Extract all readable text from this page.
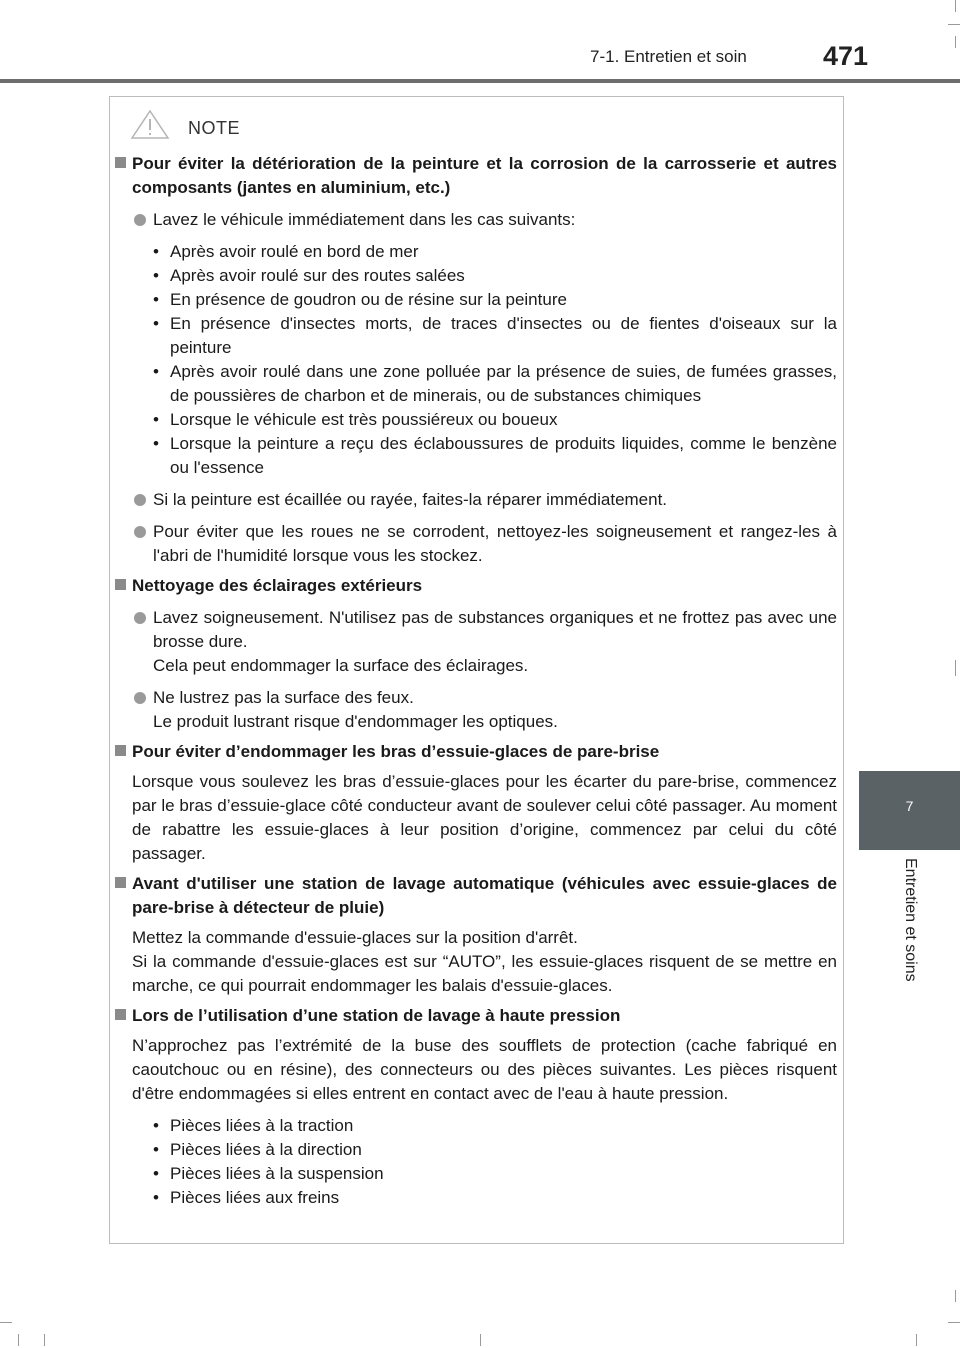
7-1. Entretien et soin	471
7
Entretien et soins
NOTE
Pour éviter la détérioration de la peinture et la corrosion de la carrosserie et autres composants (jantes en aluminium, etc.)
Lavez le véhicule immédiatement dans les cas suivants:
• Après avoir roulé en bord de mer
• Après avoir roulé sur des routes salées
• En présence de goudron ou de résine sur la peinture
• En présence d'insectes morts, de traces d'insectes ou de fientes d'oiseaux sur la peinture
• Après avoir roulé dans une zone polluée par la présence de suies, de fumées grasses, de poussières de charbon et de minerais, ou de substances chimiques
• Lorsque le véhicule est très poussiéreux ou boueux
• Lorsque la peinture a reçu des éclaboussures de produits liquides, comme le benzène ou l'essence
Si la peinture est écaillée ou rayée, faites-la réparer immédiatement.
Pour éviter que les roues ne se corrodent, nettoyez-les soigneusement et rangez-les à l'abri de l'humidité lorsque vous les stockez.
Nettoyage des éclairages extérieurs
Lavez soigneusement. N'utilisez pas de substances organiques et ne frottez pas avec une brosse dure.
Cela peut endommager la surface des éclairages.
Ne lustrez pas la surface des feux.
Le produit lustrant risque d'endommager les optiques.
Pour éviter d’endommager les bras d’essuie-glaces de pare-brise
Lorsque vous soulevez les bras d’essuie-glaces pour les écarter du pare-brise, commencez par le bras d’essuie-glace côté conducteur avant de soulever celui côté passager. Au moment de rabattre les essuie-glaces à leur position d’origine, commencez par celui du côté passager.
Avant d'utiliser une station de lavage automatique (véhicules avec essuie-glaces de pare-brise à détecteur de pluie)
Mettez la commande d'essuie-glaces sur la position d'arrêt.
Si la commande d'essuie-glaces est sur “AUTO”, les essuie-glaces risquent de se mettre en marche, ce qui pourrait endommager les balais d'essuie-glaces.
Lors de l’utilisation d’une station de lavage à haute pression
N’approchez pas l’extrémité de la buse des soufflets de protection (cache fabriqué en caoutchouc ou en résine), des connecteurs ou des pièces suivantes. Les pièces risquent d'être endommagées si elles entrent en contact avec de l'eau à haute pression.
• Pièces liées à la traction
• Pièces liées à la direction
• Pièces liées à la suspension
• Pièces liées aux freins
